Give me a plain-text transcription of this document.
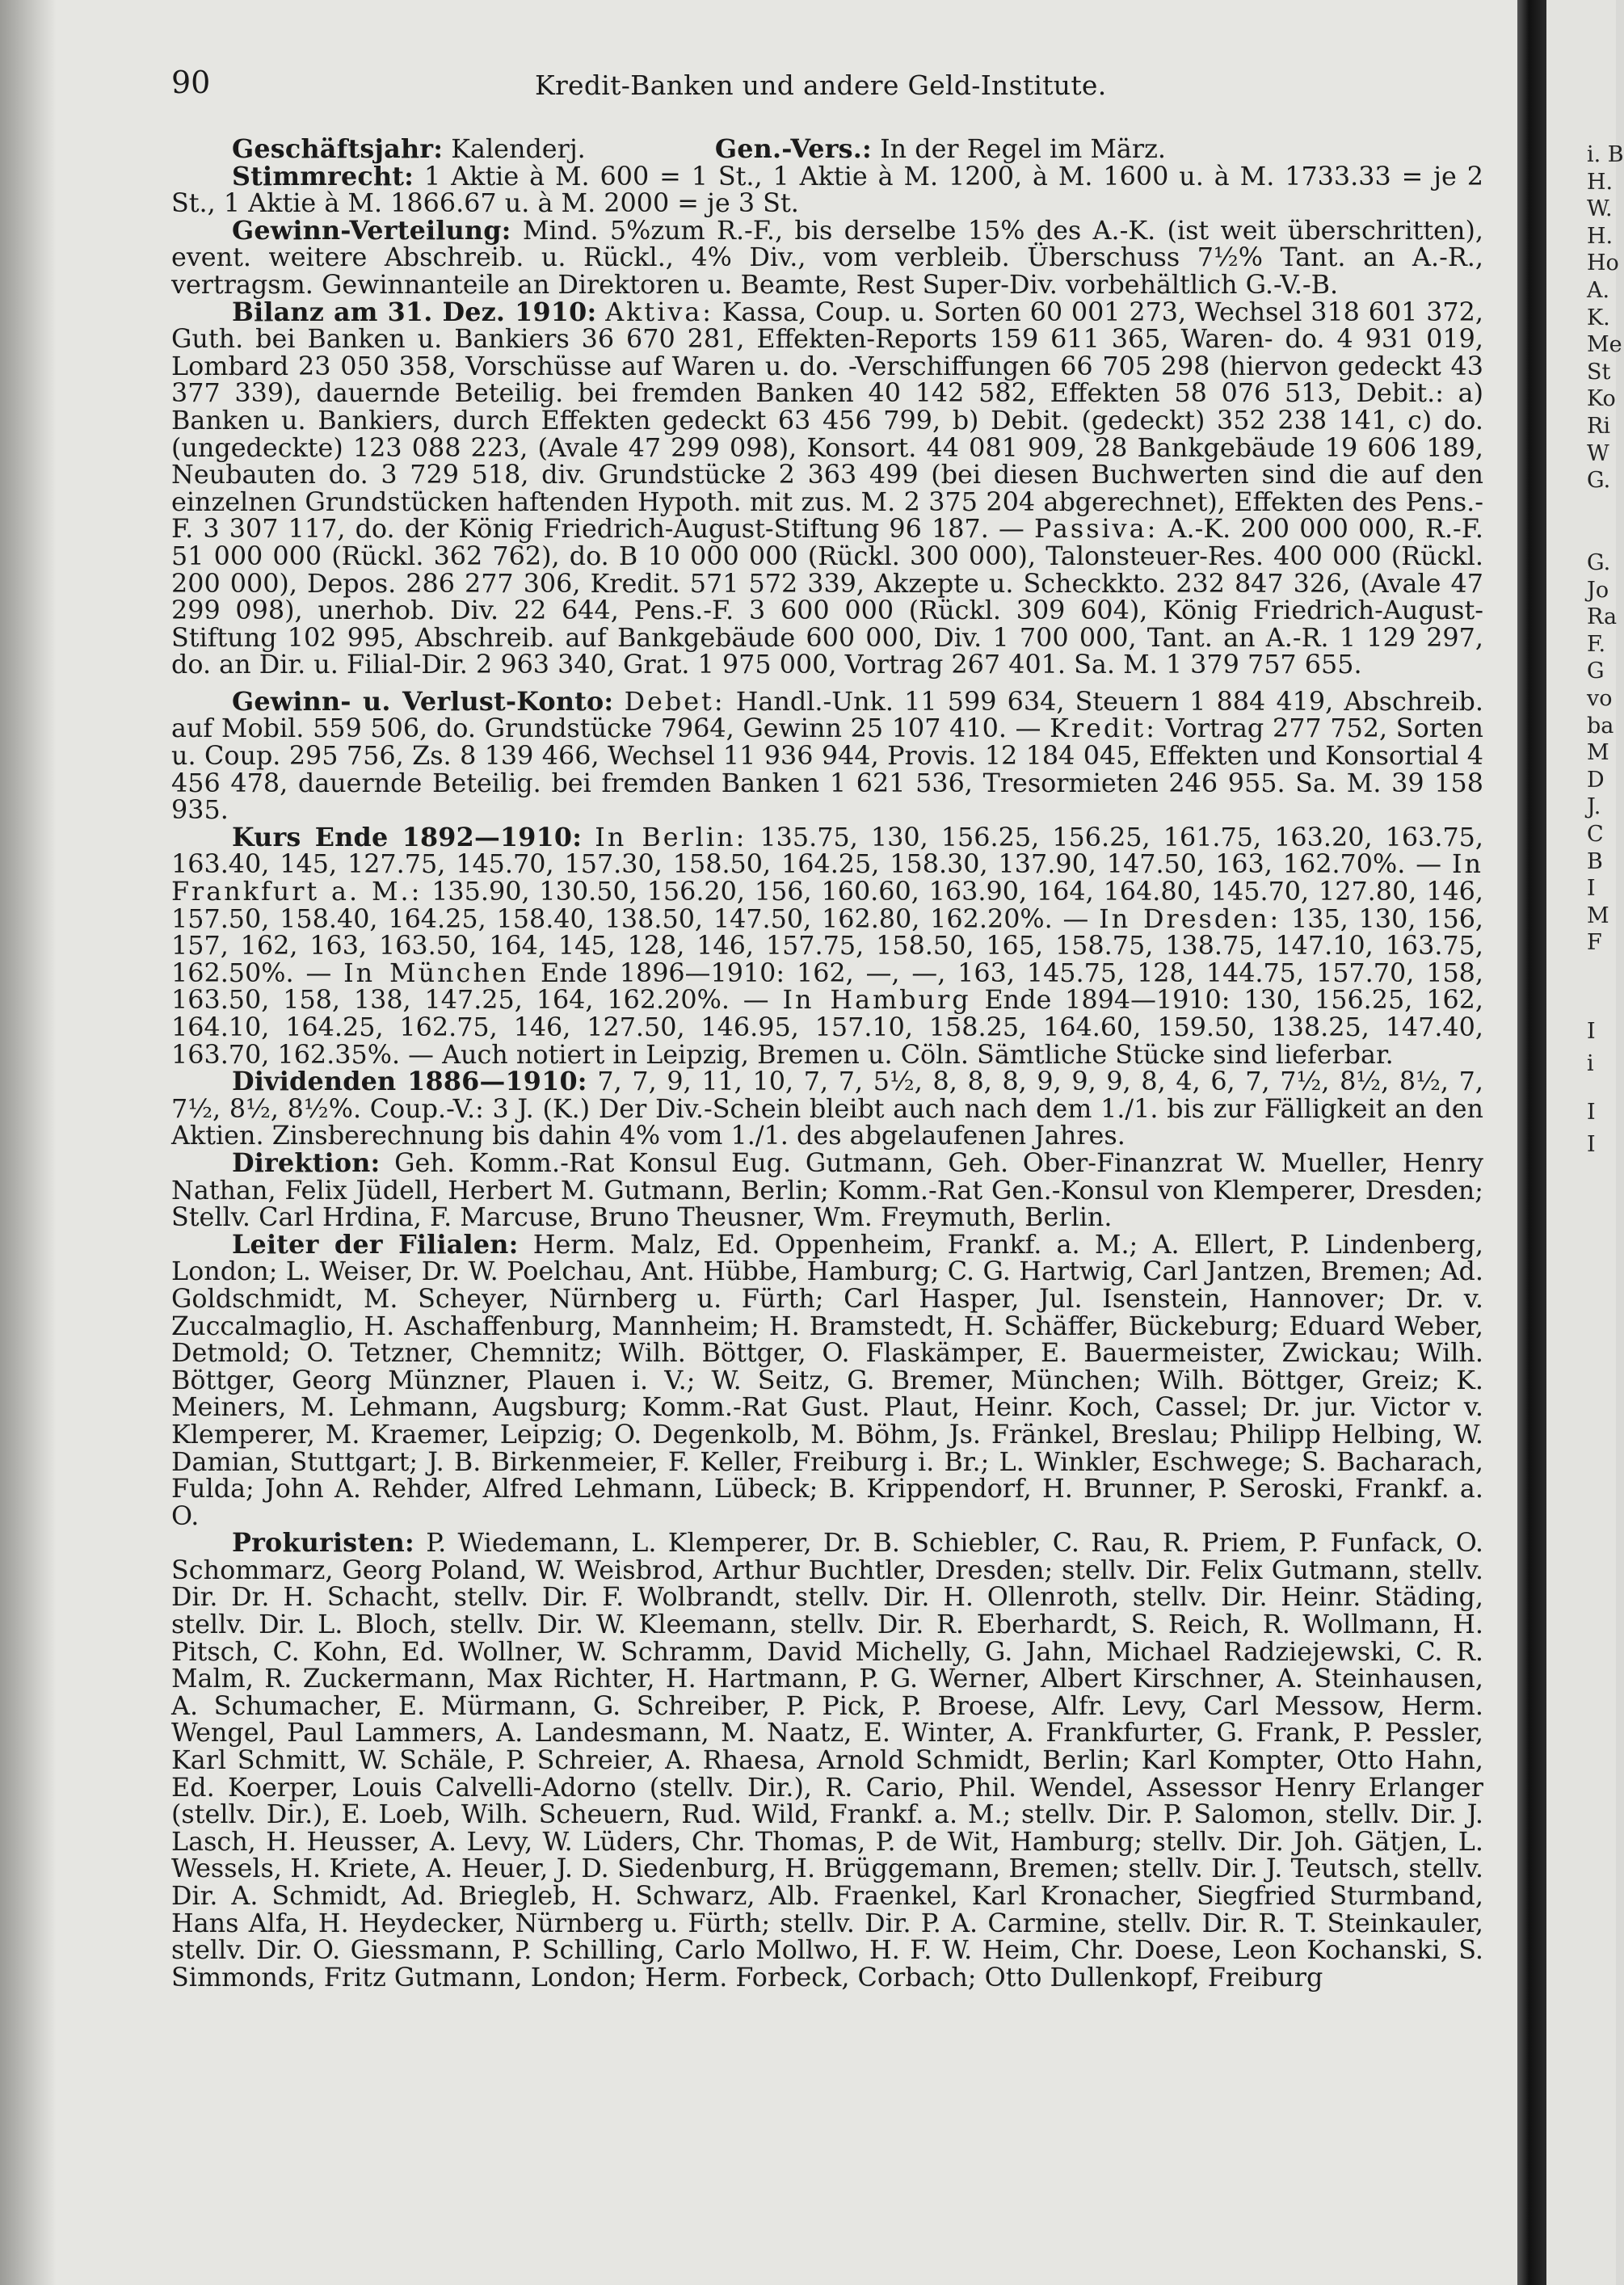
90	Kredit-Banken und andere Geld-Institute.

Geschäftsjahr: Kalenderj.	Gen.-Vers.: In der Regel im März.

Stimmrecht: 1 Aktie à M. 600 = 1 St., 1 Aktie à M. 1200, à M. 1600 u. à M. 1733.33 = je 2 St., 1 Aktie à M. 1866.67 u. à M. 2000 = je 3 St.

Gewinn-Verteilung: Mind. 5%zum R.-F., bis derselbe 15% des A.-K. (ist weit überschritten), event. weitere Abschreib. u. Rückl., 4% Div., vom verbleib. Überschuss 7½% Tant. an A.-R., vertragsm. Gewinnanteile an Direktoren u. Beamte, Rest Super-Div. vorbehältlich G.-V.-B.

Bilanz am 31. Dez. 1910: Aktiva: Kassa, Coup. u. Sorten 60 001 273, Wechsel 318 601 372, Guth. bei Banken u. Bankiers 36 670 281, Effekten-Reports 159 611 365, Waren- do. 4 931 019, Lombard 23 050 358, Vorschüsse auf Waren u. do. -Verschiffungen 66 705 298 (hiervon gedeckt 43 377 339), dauernde Beteilig. bei fremden Banken 40 142 582, Effekten 58 076 513, Debit.: a) Banken u. Bankiers, durch Effekten gedeckt 63 456 799, b) Debit. (gedeckt) 352 238 141, c) do. (ungedeckte) 123 088 223, (Avale 47 299 098), Konsort. 44 081 909, 28 Bankgebäude 19 606 189, Neubauten do. 3 729 518, div. Grundstücke 2 363 499 (bei diesen Buchwerten sind die auf den einzelnen Grundstücken haftenden Hypoth. mit zus. M. 2 375 204 abgerechnet), Effekten des Pens.-F. 3 307 117, do. der König Friedrich-August-Stiftung 96 187. — Passiva: A.-K. 200 000 000, R.-F. 51 000 000 (Rückl. 362 762), do. B 10 000 000 (Rückl. 300 000), Talonsteuer-Res. 400 000 (Rückl. 200 000), Depos. 286 277 306, Kredit. 571 572 339, Akzepte u. Scheckkto. 232 847 326, (Avale 47 299 098), unerhob. Div. 22 644, Pens.-F. 3 600 000 (Rückl. 309 604), König Friedrich-August-Stiftung 102 995, Abschreib. auf Bankgebäude 600 000, Div. 1 700 000, Tant. an A.-R. 1 129 297, do. an Dir. u. Filial-Dir. 2 963 340, Grat. 1 975 000, Vortrag 267 401. Sa. M. 1 379 757 655.

Gewinn- u. Verlust-Konto: Debet: Handl.-Unk. 11 599 634, Steuern 1 884 419, Abschreib. auf Mobil. 559 506, do. Grundstücke 7964, Gewinn 25 107 410. — Kredit: Vortrag 277 752, Sorten u. Coup. 295 756, Zs. 8 139 466, Wechsel 11 936 944, Provis. 12 184 045, Effekten und Konsortial 4 456 478, dauernde Beteilig. bei fremden Banken 1 621 536, Tresormieten 246 955. Sa. M. 39 158 935.

Kurs Ende 1892—1910: In Berlin: 135.75, 130, 156.25, 156.25, 161.75, 163.20, 163.75, 163.40, 145, 127.75, 145.70, 157.30, 158.50, 164.25, 158.30, 137.90, 147.50, 163, 162.70%. — In Frankfurt a. M.: 135.90, 130.50, 156.20, 156, 160.60, 163.90, 164, 164.80, 145.70, 127.80, 146, 157.50, 158.40, 164.25, 158.40, 138.50, 147.50, 162.80, 162.20%. — In Dresden: 135, 130, 156, 157, 162, 163, 163.50, 164, 145, 128, 146, 157.75, 158.50, 165, 158.75, 138.75, 147.10, 163.75, 162.50%. — In München Ende 1896—1910: 162, —, —, 163, 145.75, 128, 144.75, 157.70, 158, 163.50, 158, 138, 147.25, 164, 162.20%. — In Hamburg Ende 1894—1910: 130, 156.25, 162, 164.10, 164.25, 162.75, 146, 127.50, 146.95, 157.10, 158.25, 164.60, 159.50, 138.25, 147.40, 163.70, 162.35%. — Auch notiert in Leipzig, Bremen u. Cöln. Sämtliche Stücke sind lieferbar.

Dividenden 1886—1910: 7, 7, 9, 11, 10, 7, 7, 5½, 8, 8, 8, 9, 9, 9, 8, 4, 6, 7, 7½, 8½, 8½, 7, 7½, 8½, 8½%. Coup.-V.: 3 J. (K.) Der Div.-Schein bleibt auch nach dem 1./1. bis zur Fälligkeit an den Aktien. Zinsberechnung bis dahin 4% vom 1./1. des abgelaufenen Jahres.

Direktion: Geh. Komm.-Rat Konsul Eug. Gutmann, Geh. Ober-Finanzrat W. Mueller, Henry Nathan, Felix Jüdell, Herbert M. Gutmann, Berlin; Komm.-Rat Gen.-Konsul von Klemperer, Dresden; Stellv. Carl Hrdina, F. Marcuse, Bruno Theusner, Wm. Freymuth, Berlin.

Leiter der Filialen: Herm. Malz, Ed. Oppenheim, Frankf. a. M.; A. Ellert, P. Lindenberg, London; L. Weiser, Dr. W. Poelchau, Ant. Hübbe, Hamburg; C. G. Hartwig, Carl Jantzen, Bremen; Ad. Goldschmidt, M. Scheyer, Nürnberg u. Fürth; Carl Hasper, Jul. Isenstein, Hannover; Dr. v. Zuccalmaglio, H. Aschaffenburg, Mannheim; H. Bramstedt, H. Schäffer, Bückeburg; Eduard Weber, Detmold; O. Tetzner, Chemnitz; Wilh. Böttger, O. Flaskämper, E. Bauermeister, Zwickau; Wilh. Böttger, Georg Münzner, Plauen i. V.; W. Seitz, G. Bremer, München; Wilh. Böttger, Greiz; K. Meiners, M. Lehmann, Augsburg; Komm.-Rat Gust. Plaut, Heinr. Koch, Cassel; Dr. jur. Victor v. Klemperer, M. Kraemer, Leipzig; O. Degenkolb, M. Böhm, Js. Fränkel, Breslau; Philipp Helbing, W. Damian, Stuttgart; J. B. Birkenmeier, F. Keller, Freiburg i. Br.; L. Winkler, Eschwege; S. Bacharach, Fulda; John A. Rehder, Alfred Lehmann, Lübeck; B. Krippendorf, H. Brunner, P. Seroski, Frankf. a. O.

Prokuristen: P. Wiedemann, L. Klemperer, Dr. B. Schiebler, C. Rau, R. Priem, P. Funfack, O. Schommarz, Georg Poland, W. Weisbrod, Arthur Buchtler, Dresden; stellv. Dir. Felix Gutmann, stellv. Dir. Dr. H. Schacht, stellv. Dir. F. Wolbrandt, stellv. Dir. H. Ollenroth, stellv. Dir. Heinr. Städing, stellv. Dir. L. Bloch, stellv. Dir. W. Kleemann, stellv. Dir. R. Eberhardt, S. Reich, R. Wollmann, H. Pitsch, C. Kohn, Ed. Wollner, W. Schramm, David Michelly, G. Jahn, Michael Radziejewski, C. R. Malm, R. Zuckermann, Max Richter, H. Hartmann, P. G. Werner, Albert Kirschner, A. Steinhausen, A. Schumacher, E. Mürmann, G. Schreiber, P. Pick, P. Broese, Alfr. Levy, Carl Messow, Herm. Wengel, Paul Lammers, A. Landesmann, M. Naatz, E. Winter, A. Frankfurter, G. Frank, P. Pessler, Karl Schmitt, W. Schäle, P. Schreier, A. Rhaesa, Arnold Schmidt, Berlin; Karl Kompter, Otto Hahn, Ed. Koerper, Louis Calvelli-Adorno (stellv. Dir.), R. Cario, Phil. Wendel, Assessor Henry Erlanger (stellv. Dir.), E. Loeb, Wilh. Scheuern, Rud. Wild, Frankf. a. M.; stellv. Dir. P. Salomon, stellv. Dir. J. Lasch, H. Heusser, A. Levy, W. Lüders, Chr. Thomas, P. de Wit, Hamburg; stellv. Dir. Joh. Gätjen, L. Wessels, H. Kriete, A. Heuer, J. D. Siedenburg, H. Brüggemann, Bremen; stellv. Dir. J. Teutsch, stellv. Dir. A. Schmidt, Ad. Briegleb, H. Schwarz, Alb. Fraenkel, Karl Kronacher, Siegfried Sturmband, Hans Alfa, H. Heydecker, Nürnberg u. Fürth; stellv. Dir. P. A. Carmine, stellv. Dir. R. T. Steinkauler, stellv. Dir. O. Giessmann, P. Schilling, Carlo Mollwo, H. F. W. Heim, Chr. Doese, Leon Kochanski, S. Simmonds, Fritz Gutmann, London; Herm. Forbeck, Corbach; Otto Dullenkopf, Freiburg

i. B
H.
W.
H.
Ho
A.
K.
Me
St
Ko
Ri
W
G.
G.
Jo
Ra
F.
G
vo
ba
M
D
J.
C
B
I
M
F
I
i
I
I
